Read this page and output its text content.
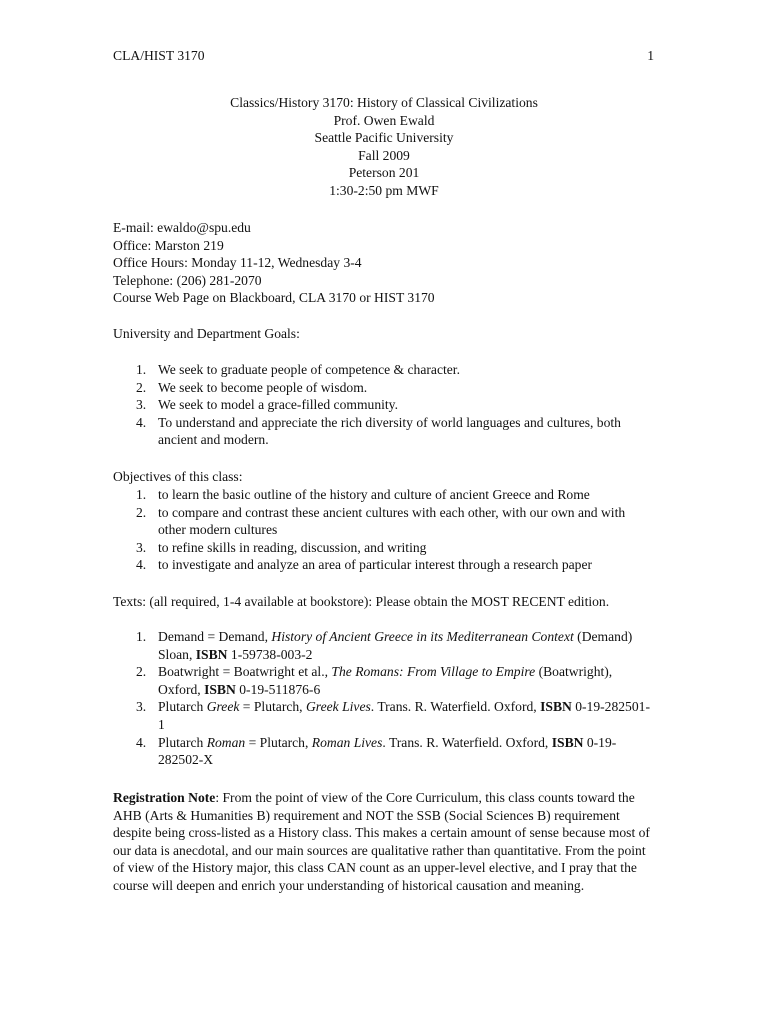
CLA/HIST 3170	1
Classics/History 3170: History of Classical Civilizations
Prof. Owen Ewald
Seattle Pacific University
Fall 2009
Peterson 201
1:30-2:50 pm MWF
E-mail: ewaldo@spu.edu
Office: Marston 219
Office Hours: Monday 11-12, Wednesday 3-4
Telephone: (206) 281-2070
Course Web Page on Blackboard, CLA 3170 or HIST 3170
University and Department Goals:
1. We seek to graduate people of competence & character.
2. We seek to become people of wisdom.
3. We seek to model a grace-filled community.
4. To understand and appreciate the rich diversity of world languages and cultures, both ancient and modern.
Objectives of this class:
1. to learn the basic outline of the history and culture of ancient Greece and Rome
2. to compare and contrast these ancient cultures with each other, with our own and with other modern cultures
3. to refine skills in reading, discussion, and writing
4. to investigate and analyze an area of particular interest through a research paper
Texts: (all required, 1-4 available at bookstore): Please obtain the MOST RECENT edition.
1. Demand = Demand, History of Ancient Greece in its Mediterranean Context (Demand) Sloan, ISBN 1-59738-003-2
2. Boatwright = Boatwright et al., The Romans: From Village to Empire (Boatwright), Oxford, ISBN 0-19-511876-6
3. Plutarch Greek = Plutarch, Greek Lives. Trans. R. Waterfield. Oxford, ISBN 0-19-282501-1
4. Plutarch Roman = Plutarch, Roman Lives. Trans. R. Waterfield. Oxford, ISBN 0-19-282502-X
Registration Note: From the point of view of the Core Curriculum, this class counts toward the AHB (Arts & Humanities B) requirement and NOT the SSB (Social Sciences B) requirement despite being cross-listed as a History class. This makes a certain amount of sense because most of our data is anecdotal, and our main sources are qualitative rather than quantitative. From the point of view of the History major, this class CAN count as an upper-level elective, and I pray that the course will deepen and enrich your understanding of historical causation and meaning.
